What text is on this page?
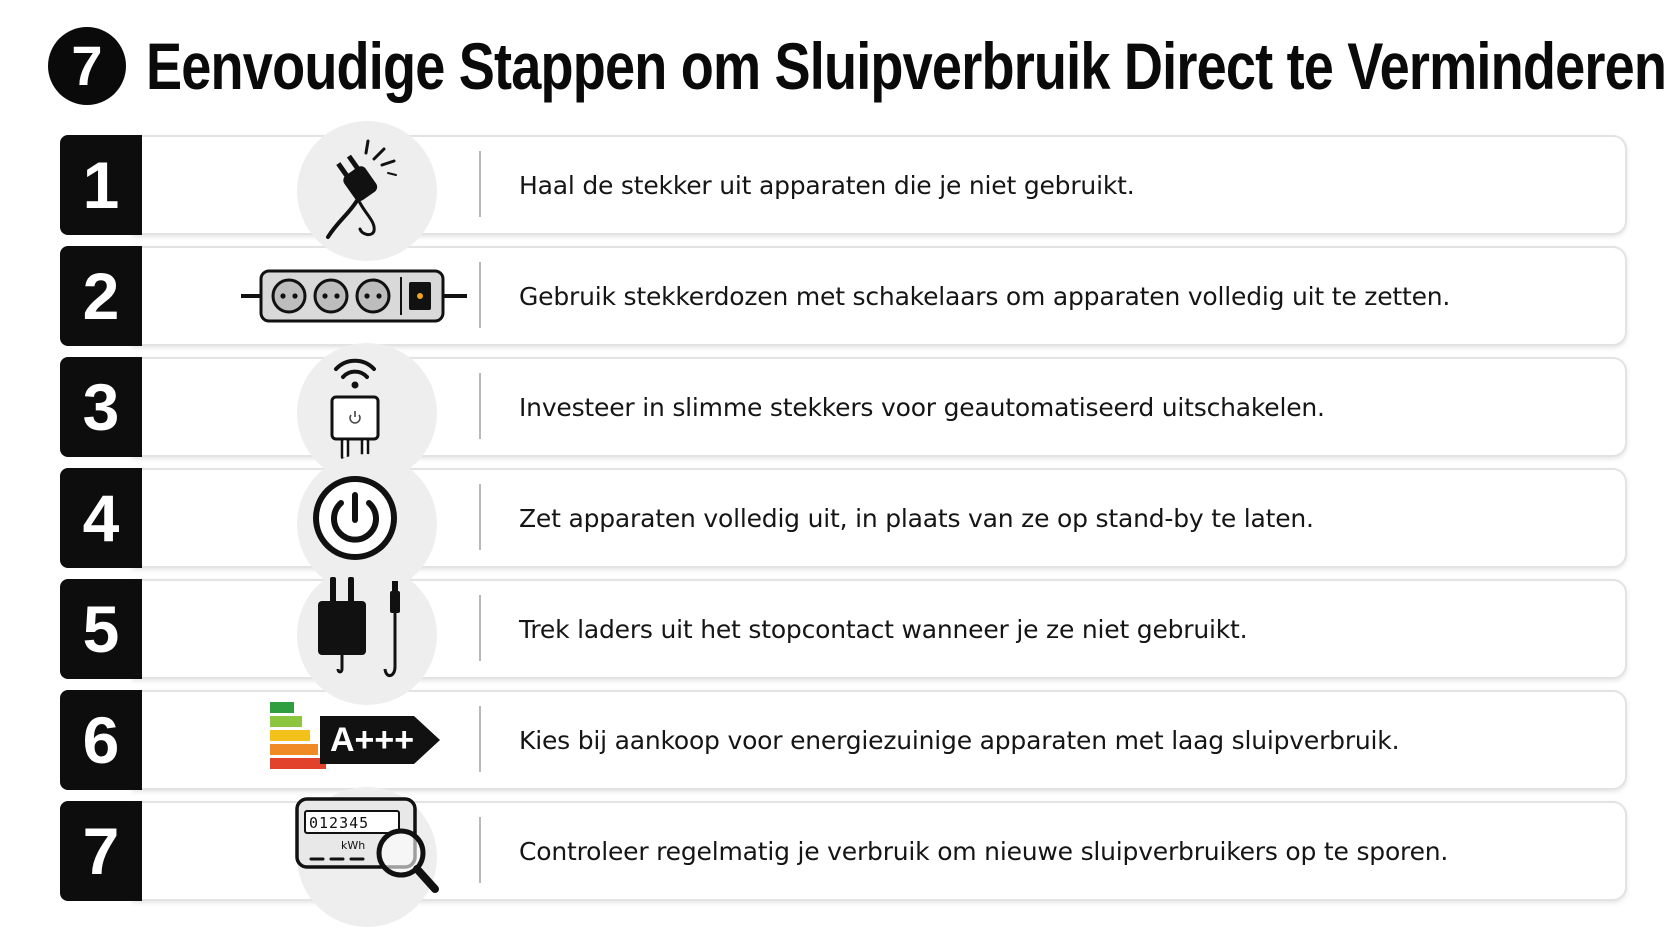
7 Eenvoudige Stappen om Sluipverbruik Direct te Verminderen
1	Haal de stekker uit apparaten die je niet gebruikt.
2	Gebruik stekkerdozen met schakelaars om apparaten volledig uit te zetten.
3	Investeer in slimme stekkers voor geautomatiseerd uitschakelen.
4	Zet apparaten volledig uit, in plaats van ze op stand-by te laten.
5	Trek laders uit het stopcontact wanneer je ze niet gebruikt.
6	A+++	Kies bij aankoop voor energiezuinige apparaten met laag sluipverbruik.
7	012345
kWh	Controleer regelmatig je verbruik om nieuwe sluipverbruikers op te sporen.
